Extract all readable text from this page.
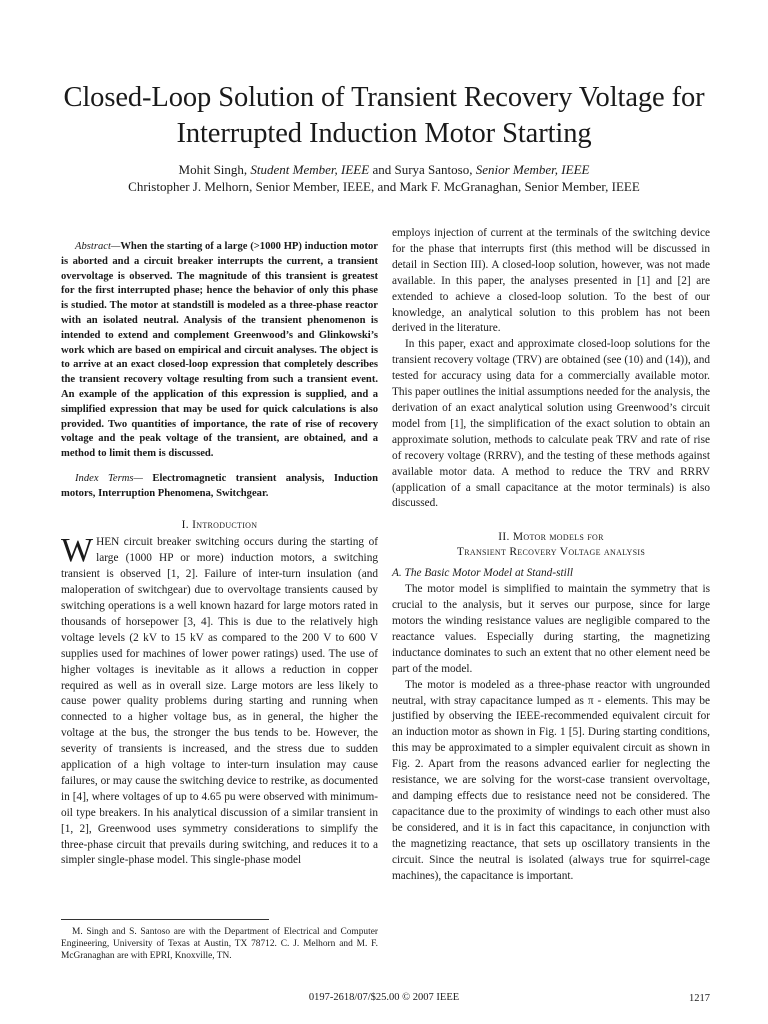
Closed-Loop Solution of Transient Recovery Voltage for Interrupted Induction Motor Starting
Mohit Singh, Student Member, IEEE and Surya Santoso, Senior Member, IEEE
Christopher J. Melhorn, Senior Member, IEEE, and Mark F. McGranaghan, Senior Member, IEEE

Abstract—When the starting of a large (>1000 HP) induction motor is aborted and a circuit breaker interrupts the current, a transient overvoltage is observed. The magnitude of this transient is greatest for the first interrupted phase; hence the behavior of only this phase is studied. The motor at standstill is modeled as a three-phase reactor with an isolated neutral. Analysis of the transient phenomenon is intended to extend and complement Greenwood’s and Glinkowski’s work which are based on empirical and circuit analyses. The object is to arrive at an exact closed-loop expression that completely describes the transient recovery voltage resulting from such a transient event. An example of the application of this expression is supplied, and a simplified expression that may be used for quick calculations is also provided. Two quantities of importance, the rate of rise of recovery voltage and the peak voltage of the transient, are obtained, and a method to limit them is discussed.

Index Terms— Electromagnetic transient analysis, Induction motors, Interruption Phenomena, Switchgear.

I. Introduction

WHEN circuit breaker switching occurs during the starting of large (1000 HP or more) induction motors, a switching transient is observed [1, 2]. Failure of inter-turn insulation (and maloperation of switchgear) due to overvoltage transients caused by switching operations is a well known hazard for large motors rated in thousands of horsepower [3, 4]. This is due to the relatively high voltage levels (2 kV to 15 kV as compared to the 200 V to 600 V supplies used for machines of lower power ratings) used. The use of higher voltages is inevitable as it allows a reduction in copper required as well as in overall size. Large motors are less likely to cause power quality problems during starting and running when connected to a higher voltage bus, as in general, the higher the voltage at the bus, the stronger the bus tends to be. However, the severity of transients is increased, and the stress due to sudden application of a high voltage to inter-turn insulation may cause failures, or may cause the switching device to restrike, as documented in [4], where voltages of up to 4.65 pu were observed with minimum-oil type breakers. In his analytical discussion of a similar transient in [1, 2], Greenwood uses symmetry considerations to simplify the three-phase circuit that prevails during switching, and reduces it to a simpler single-phase model. This single-phase model

employs injection of current at the terminals of the switching device for the phase that interrupts first (this method will be discussed in detail in Section III). A closed-loop solution, however, was not made available. In this paper, the analyses presented in [1] and [2] are extended to achieve a closed-loop solution. To the best of our knowledge, an analytical solution to this problem has not been derived in the literature.

In this paper, exact and approximate closed-loop solutions for the transient recovery voltage (TRV) are obtained (see (10) and (14)), and tested for accuracy using data for a commercially available motor. This paper outlines the initial assumptions needed for the analysis, the derivation of an exact analytical solution using Greenwood’s circuit model from [1], the simplification of the exact solution to obtain an approximate solution, methods to calculate peak TRV and rate of rise of recovery voltage (RRRV), and the testing of these methods against available motor data. A method to reduce the TRV and RRRV (application of a small capacitance at the motor terminals) is also discussed.

II. Motor models for

Transient Recovery Voltage analysis

A. The Basic Motor Model at Stand-still

The motor model is simplified to maintain the symmetry that is crucial to the analysis, but it serves our purpose, since for large motors the winding resistance values are negligible compared to the reactance values. Especially during starting, the magnetizing inductance dominates to such an extent that no other element need be part of the model.

The motor is modeled as a three-phase reactor with ungrounded neutral, with stray capacitance lumped as π - elements. This may be justified by observing the IEEE-recommended equivalent circuit for an induction motor as shown in Fig. 1 [5]. During starting conditions, this may be approximated to a simpler equivalent circuit as shown in Fig. 2. Apart from the reasons advanced earlier for neglecting the resistance, we are solving for the worst-case transient overvoltage, and damping effects due to resistance need not be considered. The capacitance due to the proximity of windings to each other must also be considered, and it is in fact this capacitance, in conjunction with the magnetizing reactance, that sets up oscillatory transients in the circuit. Since the neutral is isolated (always true for squirrel-cage machines), the capacitance is important.

M. Singh and S. Santoso are with the Department of Electrical and Computer Engineering, University of Texas at Austin, TX 78712. C. J. Melhorn and M. F. McGranaghan are with EPRI, Knoxville, TN.

0197-2618/07/$25.00 © 2007 IEEE	1217
